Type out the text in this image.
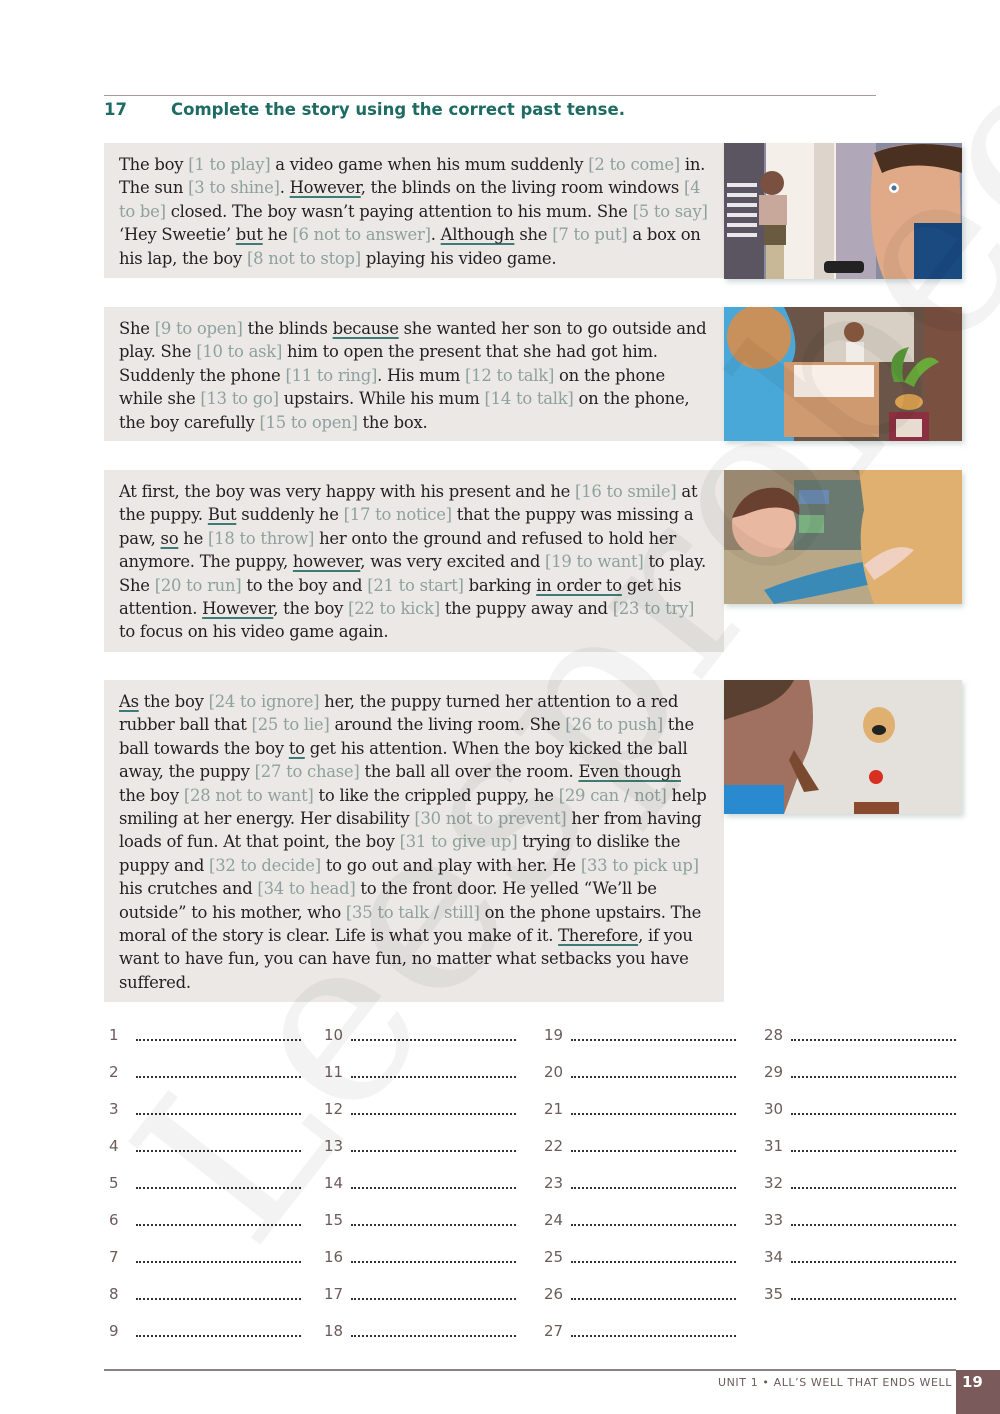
17	Complete the story using the correct past tense.
The boy [1 to play] a video game when his mum suddenly [2 to come] in. The sun [3 to shine]. However, the blinds on the living room windows [4 to be] closed. The boy wasn’t paying attention to his mum. She [5 to say] ‘Hey Sweetie’ but he [6 not to answer]. Although she [7 to put] a box on his lap, the boy [8 not to stop] playing his video game.
She [9 to open] the blinds because she wanted her son to go outside and play. She [10 to ask] him to open the present that she had got him. Suddenly the phone [11 to ring]. His mum [12 to talk] on the phone while she [13 to go] upstairs. While his mum [14 to talk] on the phone, the boy carefully [15 to open] the box.
At first, the boy was very happy with his present and he [16 to smile] at the puppy. But suddenly he [17 to notice] that the puppy was missing a paw, so he [18 to throw] her onto the ground and refused to hold her anymore. The puppy, however, was very excited and [19 to want] to play. She [20 to run] to the boy and [21 to start] barking in order to get his attention. However, the boy [22 to kick] the puppy away and [23 to try] to focus on his video game again.
As the boy [24 to ignore] her, the puppy turned her attention to a red rubber ball that [25 to lie] around the living room. She [26 to push] the ball towards the boy to get his attention. When the boy kicked the ball away, the puppy [27 to chase] the ball all over the room. Even though the boy [28 not to want] to like the crippled puppy, he [29 can / not] help smiling at her energy. Her disability [30 not to prevent] her from having loads of fun. At that point, the boy [31 to give up] trying to dislike the puppy and [32 to decide] to go out and play with her. He [33 to pick up] his crutches and [34 to head] to the front door. He yelled “We’ll be outside” to his mother, who [35 to talk / still] on the phone upstairs. The moral of the story is clear. Life is what you make of it. Therefore, if you want to have fun, you can have fun, no matter what setbacks you have suffered.
1
2
3
4
5
6
7
8
9
10
11
12
13
14
15
16
17
18
19
20
21
22
23
24
25
26
27
28
29
30
31
32
33
34
35
UNIT 1 • ALL’S WELL THAT ENDS WELL 19
